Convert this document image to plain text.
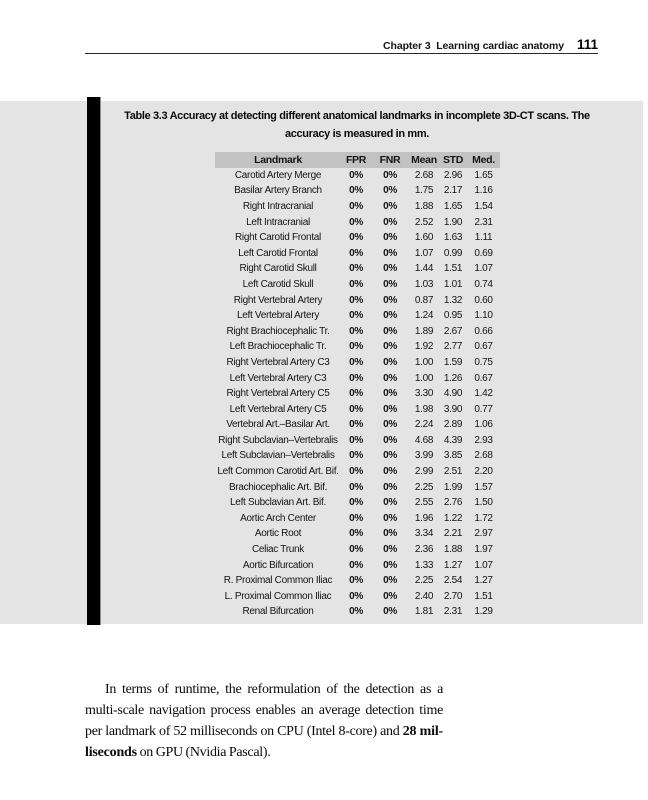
Chapter 3  Learning cardiac anatomy 111
Table 3.3 Accuracy at detecting different anatomical landmarks in incomplete 3D-CT scans. The
accuracy is measured in mm.
Landmark	FPR	FNR	Mean STD Med.
Carotid Artery Merge	0%	0%	2.68	2.96	1.65
Basilar Artery Branch	0%	0%	1.75	2.17	1.16
Right Intracranial	0%	0%	1.88	1.65	1.54
Left Intracranial	0%	0%	2.52	1.90	2.31
Right Carotid Frontal	0%	0%	1.60	1.63	1.11
Left Carotid Frontal	0%	0%	1.07	0.99	0.69
Right Carotid Skull	0%	0%	1.44	1.51	1.07
Left Carotid Skull	0%	0%	1.03	1.01	0.74
Right Vertebral Artery	0%	0%	0.87	1.32	0.60
Left Vertebral Artery	0%	0%	1.24	0.95	1.10
Right Brachiocephalic Tr.	0%	0%	1.89	2.67	0.66
Left Brachiocephalic Tr.	0%	0%	1.92	2.77	0.67
Right Vertebral Artery C3	0%	0%	1.00	1.59	0.75
Left Vertebral Artery C3	0%	0%	1.00	1.26	0.67
Right Vertebral Artery C5	0%	0%	3.30	4.90	1.42
Left Vertebral Artery C5	0%	0%	1.98	3.90	0.77
Vertebral Art.–Basilar Art.	0%	0%	2.24	2.89	1.06
Right Subclavian–Vertebralis	0%	0%	4.68	4.39	2.93
Left Subclavian–Vertebralis	0%	0%	3.99	3.85	2.68
Left Common Carotid Art. Bif.	0%	0%	2.99	2.51	2.20
Brachiocephalic Art. Bif.	0%	0%	2.25	1.99	1.57
Left Subclavian Art. Bif.	0%	0%	2.55	2.76	1.50
Aortic Arch Center	0%	0%	1.96	1.22	1.72
Aortic Root	0%	0%	3.34	2.21	2.97
Celiac Trunk	0%	0%	2.36	1.88	1.97
Aortic Bifurcation	0%	0%	1.33	1.27	1.07
R. Proximal Common Iliac	0%	0%	2.25	2.54	1.27
L. Proximal Common Iliac	0%	0%	2.40	2.70	1.51
Renal Bifurcation	0%	0%	1.81	2.31	1.29
In terms of runtime, the reformulation of the detection as a
multi-scale navigation process enables an average detection time
per landmark of 52 milliseconds on CPU (Intel 8-core) and 28 mil-
liseconds on GPU (Nvidia Pascal).
